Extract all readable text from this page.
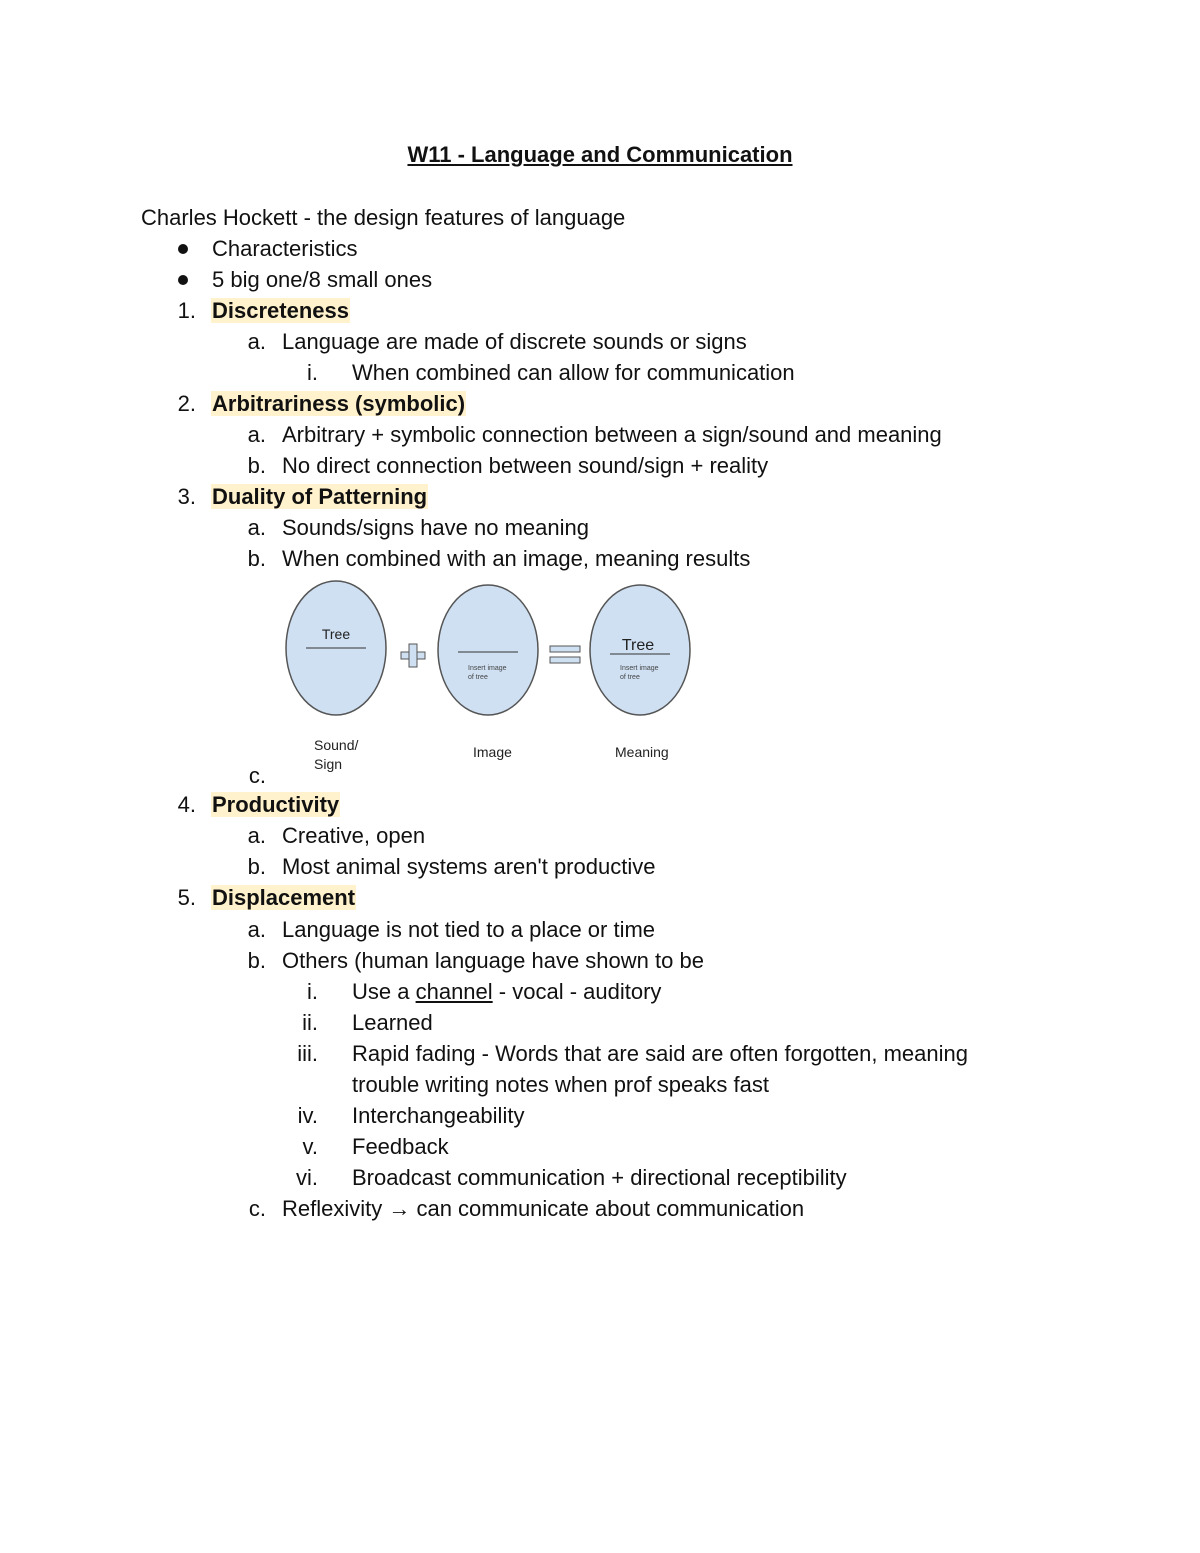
W11 - Language and Communication
Charles Hockett - the design features of language
Characteristics
5 big one/8 small ones
1. Discreteness
a. Language are made of discrete sounds or signs
i. When combined can allow for communication
2. Arbitrariness (symbolic)
a. Arbitrary + symbolic connection between a sign/sound and meaning
b. No direct connection between sound/sign + reality
3. Duality of Patterning
a. Sounds/signs have no meaning
b. When combined with an image, meaning results
Tree
+
Insert image of tree
=
Tree
Insert image of tree
Sound/ Sign
Image	Meaning
c.
4. Productivity
a. Creative, open
b. Most animal systems aren't productive
5. Displacement
a. Language is not tied to a place or time
b. Others (human language have shown to be
i. Use a channel - vocal - auditory
ii. Learned
iii. Rapid fading - Words that are said are often forgotten, meaning
trouble writing notes when prof speaks fast
iv. Interchangeability
v. Feedback
vi. Broadcast communication + directional receptibility
c. Reflexivity → can communicate about communication
